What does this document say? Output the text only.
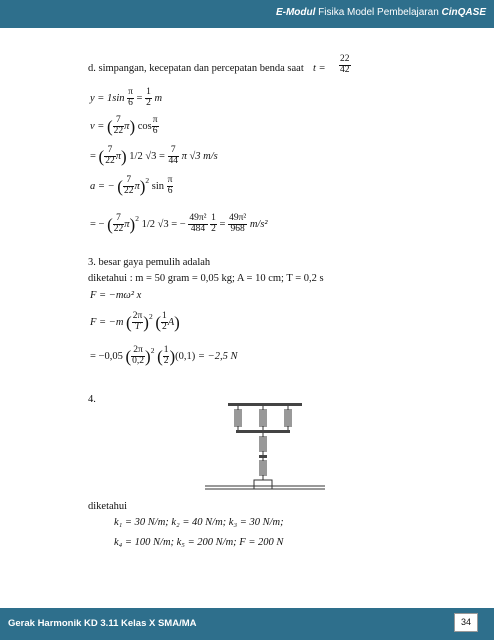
E-Modul Fisika Model Pembelajaran CinQASE
d. simpangan, kecepatan dan percepatan benda saat $t = \frac{22}{42}$
$y = 1\sin \frac{\pi}{6} = \frac{1}{2}$ m
v = ( $\frac{7}{22} \pi$) $\cos \frac{\pi}{6}$
= ( $\frac{7}{22} \pi$) 1/2 $√3 = \frac{7}{44}$ π √3 m/s
a = − ( $\frac{7}{22} \pi)^2$ $\sin \frac{\pi}{6}$
= − ( $\frac{7}{22} \pi)^2$ 1/2 √3 = − $\frac{\text{49π²}}{484}$
$\frac{1}{2} = \frac{\text{49π²}}{968} m/s^2$
3. besar gaya pemulih adalah
diketahui : m = 50 gram = 0,05 kg; A = 10 cm; T = 0,2 s
F = −mω² x
F = −m ( $\frac{2\pi}{T} )^2$ ( $\frac{1}{2} A$)
= −0,05 ( $\frac{2\pi}{0,2} )^2$ ( $\frac{1}{2} )(0,1) = -2,5$ N
4.
diketahui
k₁ = 30 N/m; k₂ = 40 N/m; k₃ = 30 N/m;
k₄ = 100 N/m; k₅ = 200 N/m; F = 200 N
Gerak Harmonik KD 3.11 Kelas X SMA/MA	34
